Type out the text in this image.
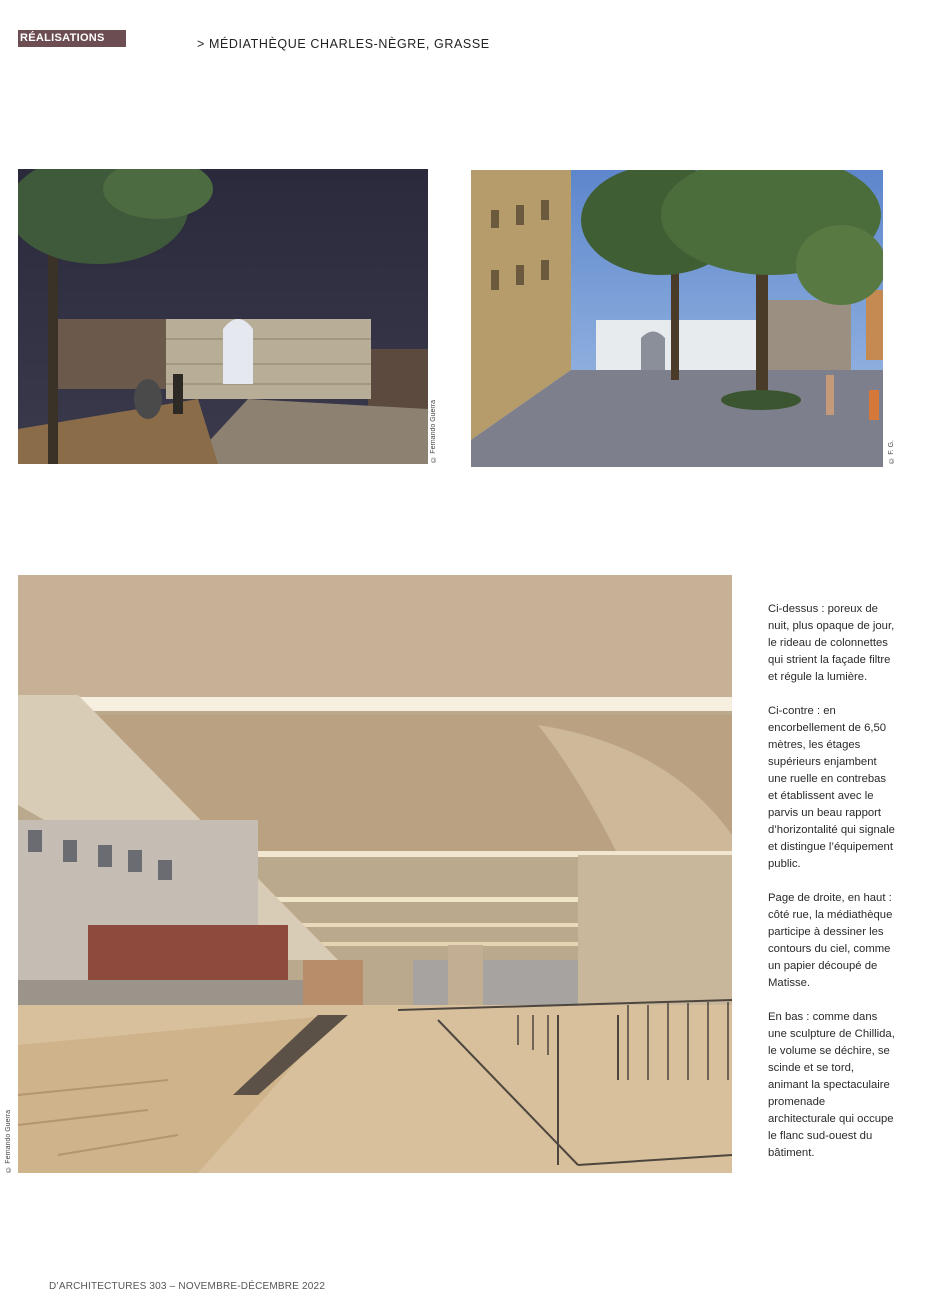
RÉALISATIONS	> MÉDIATHÈQUE CHARLES-NÈGRE, GRASSE
© Fernando Guerra	© F. G.
© Fernando Guerra

Ci-dessus : poreux de nuit, plus opaque de jour, le rideau de colonnettes qui strient la façade filtre et régule la lumière.

Ci-contre : en encorbellement de 6,50 mètres, les étages supérieurs enjambent une ruelle en contrebas et établissent avec le parvis un beau rapport d’horizontalité qui signale et distingue l’équipement public.

Page de droite, en haut : côté rue, la médiathèque participe à dessiner les contours du ciel, comme un papier découpé de Matisse.

En bas : comme dans une sculpture de Chillida, le volume se déchire, se scinde et se tord, animant la spectaculaire promenade architecturale qui occupe le flanc sud-ouest du bâtiment.

D’ARCHITECTURES 303 – NOVEMBRE-DÉCEMBRE 2022
